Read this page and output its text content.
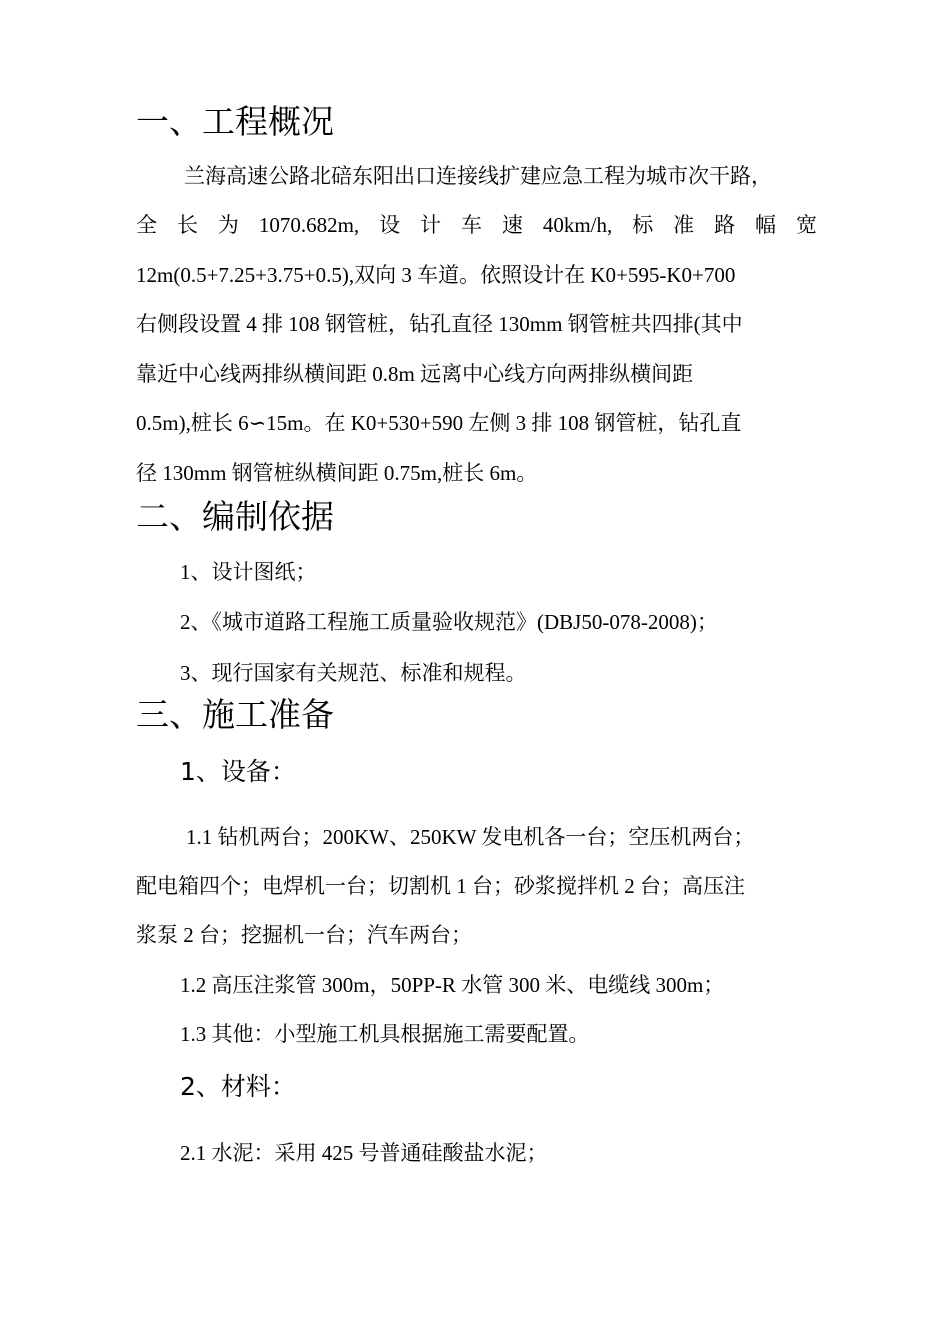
一、工程概况
兰海高速公路北碚东阳出口连接线扩建应急工程为城市次干路，
全 长 为 1070.682m, 设 计 车 速 40km/h, 标 准 路 幅 宽
12m(0.5+7.25+3.75+0.5),双向 3 车道。依照设计在 K0+595-K0+700
右侧段设置 4 排 108 钢管桩，钻孔直径 130mm 钢管桩共四排(其中
靠近中心线两排纵横间距 0.8m 远离中心线方向两排纵横间距
0.5m),桩长 6∽15m。在 K0+530+590 左侧 3 排 108 钢管桩，钻孔直
径 130mm 钢管桩纵横间距 0.75m,桩长 6m。
二、编制依据
1、设计图纸；
2、《城市道路工程施工质量验收规范》(DBJ50-078-2008)；
3、现行国家有关规范、标准和规程。
三、施工准备
1、设备：
1.1 钻机两台；200KW、250KW 发电机各一台；空压机两台；
配电箱四个；电焊机一台；切割机 1 台；砂浆搅拌机 2 台；高压注
浆泵 2 台；挖掘机一台；汽车两台；
1.2 高压注浆管 300m，50PP-R 水管 300 米、电缆线 300m；
1.3 其他：小型施工机具根据施工需要配置。
2、材料：
2.1 水泥：采用 425 号普通硅酸盐水泥；
